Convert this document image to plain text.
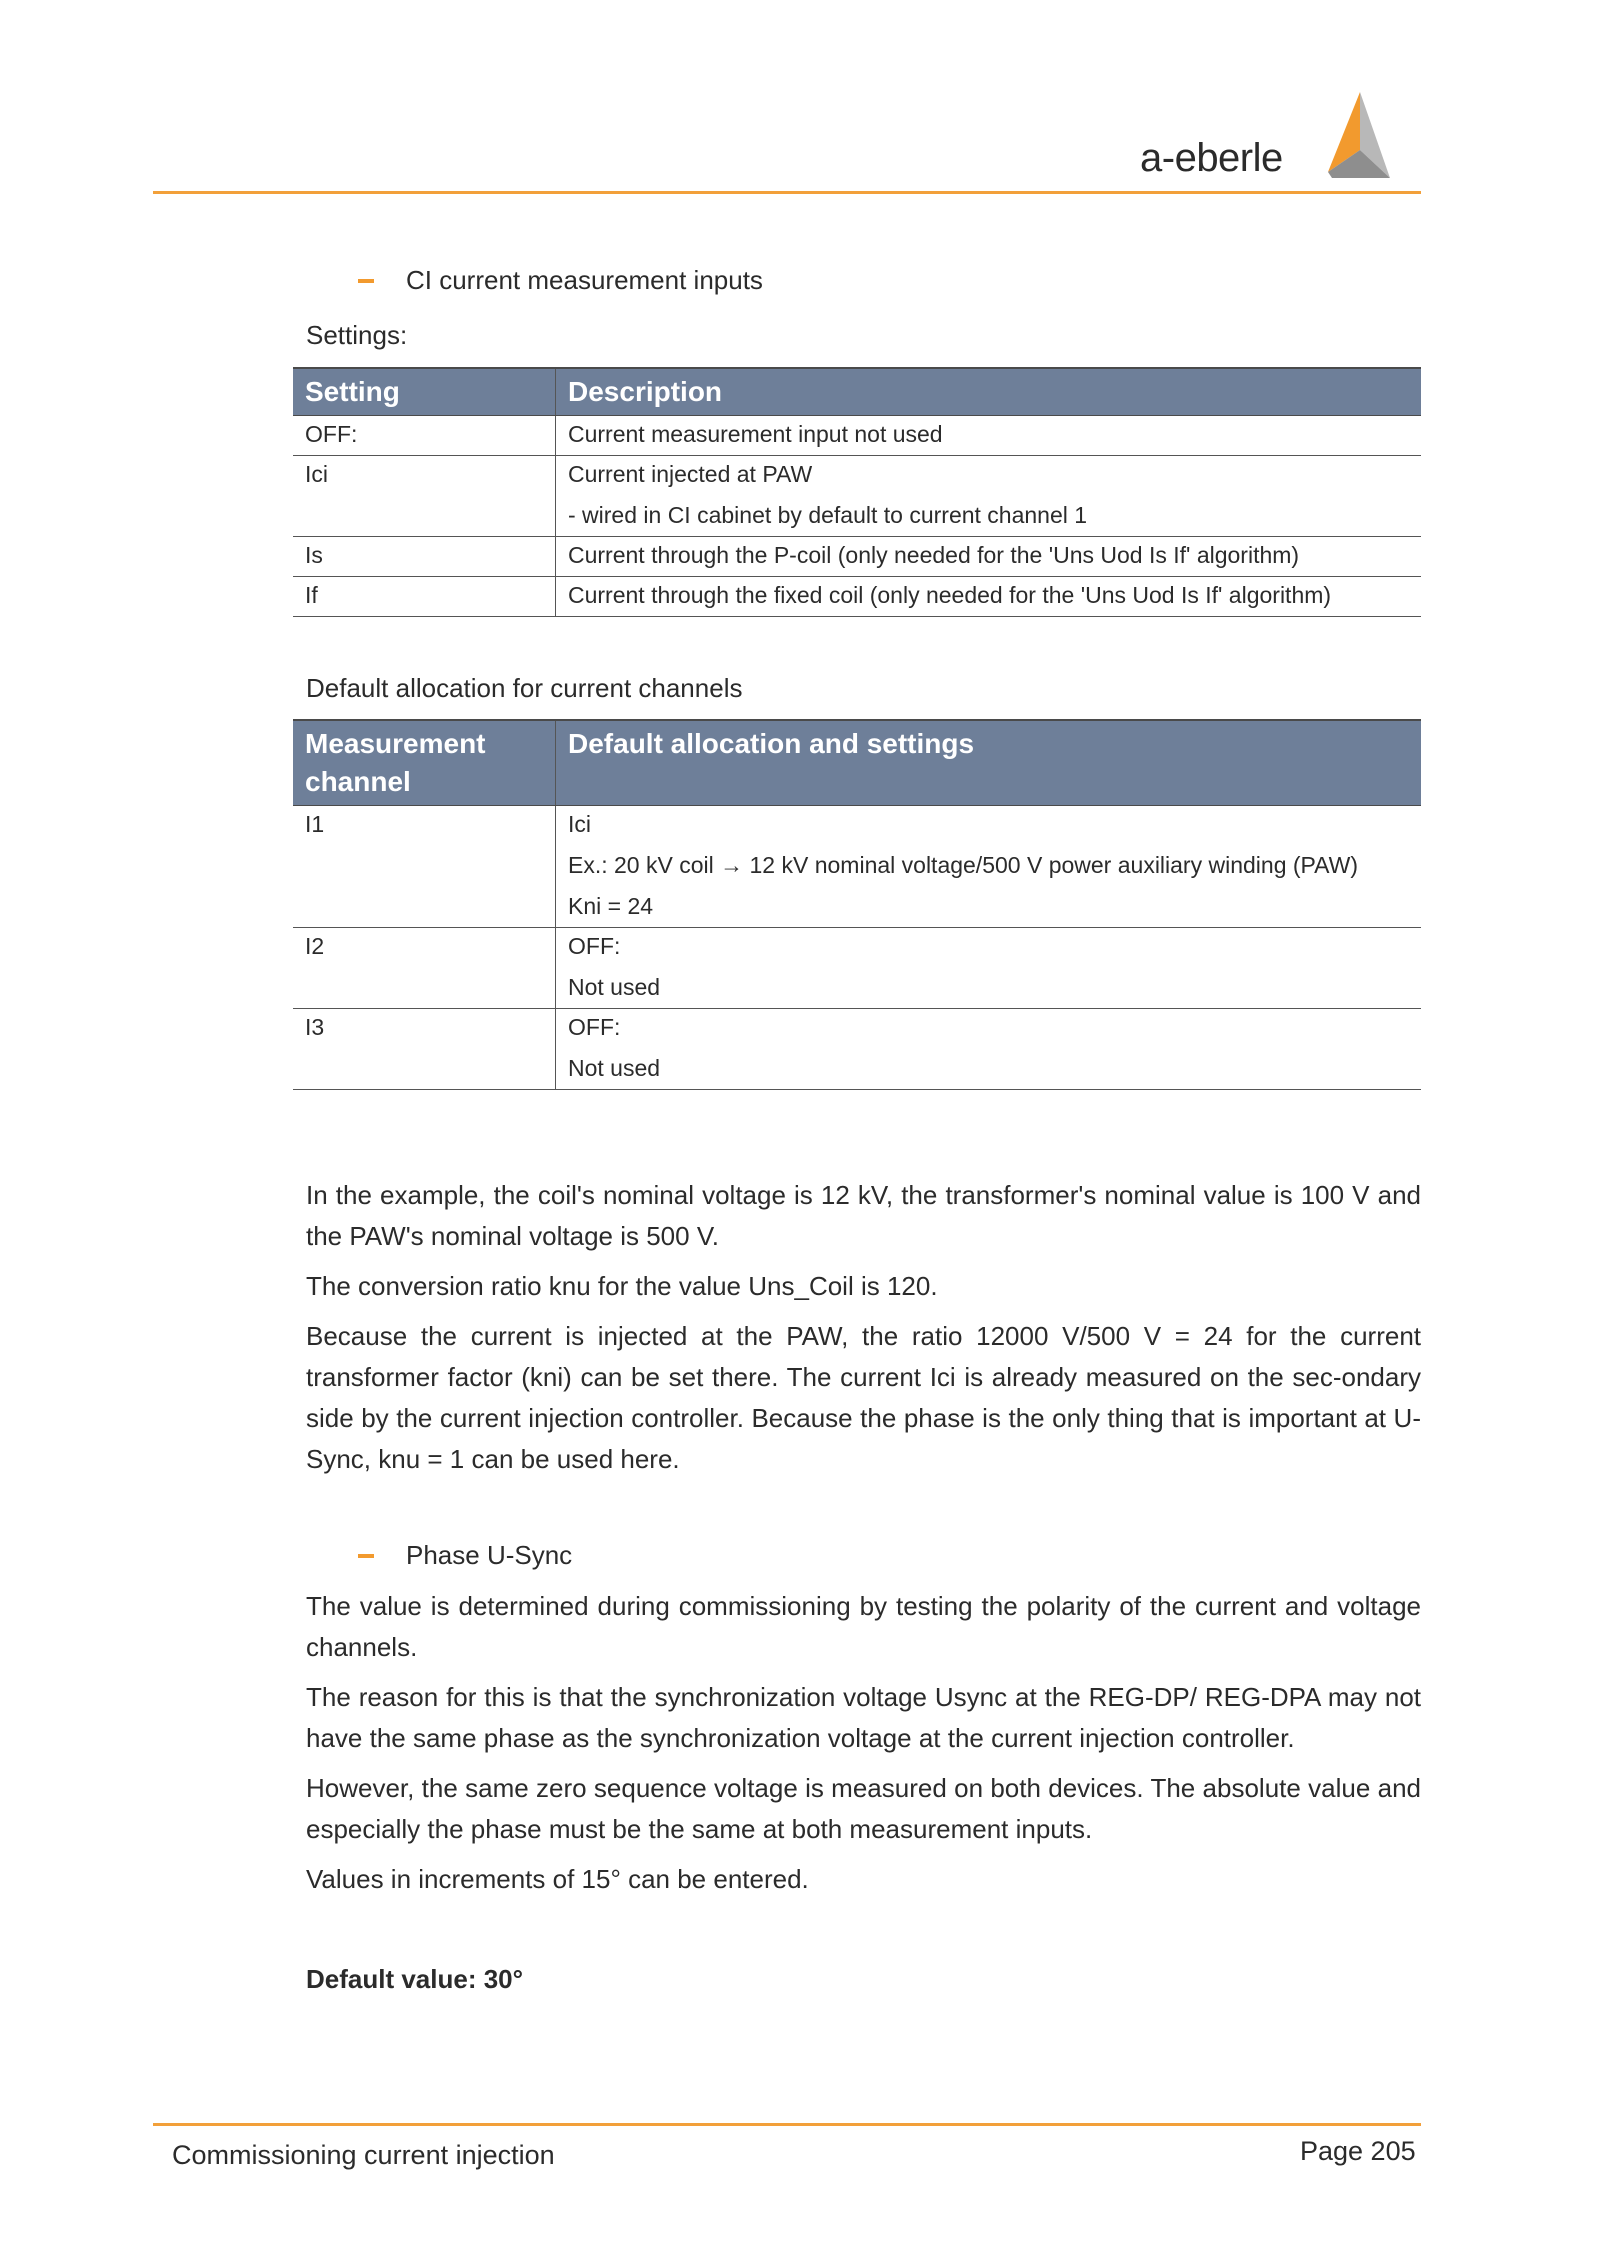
a-eberle
CI current measurement inputs
Settings:
Setting	Description
OFF:	Current measurement input not used

Ici	Current injected at PAW
- wired in CI cabinet by default to current channel 1

Is	Current through the P-coil (only needed for the 'Uns Uod Is If' algorithm)

If	Current through the fixed coil (only needed for the 'Uns Uod Is If' algorithm)
Default allocation for current channels
Measurement channel	Default allocation and settings
I1	Ici
Ex.: 20 kV coil → 12 kV nominal voltage/500 V power auxiliary winding (PAW)
Kni = 24

I2	OFF:
Not used

I3	OFF:
Not used
In the example, the coil's nominal voltage is 12 kV, the transformer's nominal value is 100 V and the PAW's nominal voltage is 500 V.
The conversion ratio knu for the value Uns_Coil is 120.
Because the current is injected at the PAW, the ratio 12000 V/500 V = 24 for the current transformer factor (kni) can be set there. The current Ici is already measured on the sec-ondary side by the current injection controller. Because the phase is the only thing that is important at U-Sync, knu = 1 can be used here.
Phase U-Sync
The value is determined during commissioning by testing the polarity of the current and voltage channels.
The reason for this is that the synchronization voltage Usync at the REG-DP/ REG-DPA may not have the same phase as the synchronization voltage at the current injection controller.
However, the same zero sequence voltage is measured on both devices. The absolute value and especially the phase must be the same at both measurement inputs.
Values in increments of 15° can be entered.
Default value: 30°
Commissioning current injection	Page 205
